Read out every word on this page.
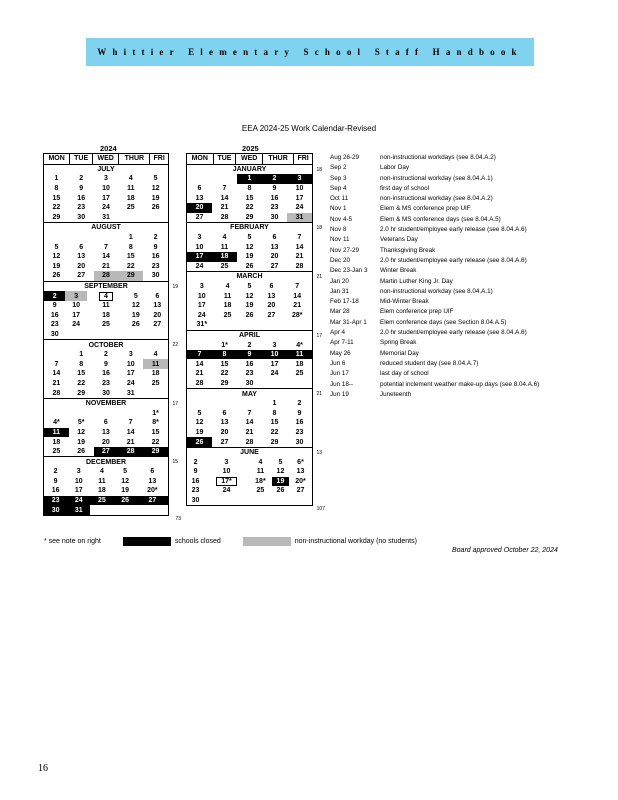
Whittier Elementary School Staff Handbook
EEA 2024-25 Work Calendar-Revised
2024	2025
MON	TUE	WED	THUR	FRI
JULY				
1	2	3	4	5
8	9	10	11	12
15	16	17	18	19
22	23	24	25	26
29	30	31		
AUGUST				
			1	2
5	6	7	8	9
12	13	14	15	16
19	20	21	22	23
26	27	28	29	30
SEPTEMBER				
2	3	4	5	6
9	10	11	12	13
16	17	18	19	20
23	24	25	26	27
30				
19
OCTOBER				
	1	2	3	4
7	8	9	10	11
14	15	16	17	18
21	22	23	24	25
28	29	30	31	
22
NOVEMBER				
				1*
4*	5*	6	7	8*
11	12	13	14	15
18	19	20	21	22
25	26	27	28	29
17
DECEMBER				
2	3	4	5	6
9	10	11	12	13
16	17	18	19	20*
23	24	25	26	27
30	31			
15
73
MON	TUE	WED	THUR	FRI
JANUARY				
		1	2	3
6	7	8	9	10
13	14	15	16	17
20	21	22	23	24
27	28	29	30	31
18
FEBRUARY				
3	4	5	6	7
10	11	12	13	14
17	18	19	20	21
24	25	26	27	28
18
MARCH				
3	4	5	6	7
10	11	12	13	14
17	18	19	20	21
24	25	26	27	28*
31*				
21
APRIL				
	1*	2	3	4*
7	8	9	10	11
14	15	16	17	18
21	22	23	24	25
28	29	30		
17
MAY				
			1	2
5	6	7	8	9
12	13	14	15	16
19	20	21	22	23
26	27	28	29	30
21
JUNE				
2	3	4	5	6*
9	10	11	12	13
16	17*	18*	19	20*
23	24	25	26	27
30				
13
107
Aug 26-29	non-instructional workdays (see 8.04.A.2)
Sep 2	Labor Day
Sep 3	non-instructional workday (see 8.04.A.1)
Sep 4	first day of school
Oct 11	non-instructional workday (see 8.04.A.2)
Nov 1	Elem & MS conference prep UIF
Nov 4-5	Elem & MS conference days (see 8.04.A.5)
Nov 8	2.0 hr student/employee early release (see 8.04.A.6)
Nov 11	Veterans Day
Nov 27-29	Thanksgiving Break
Dec 20	2.0 hr student/employee early release (see 8.04.A.6)
Dec 23-Jan 3	Winter Break
Jan 20	Martin Luther King Jr. Day
Jan 31	non-instructional workday (see 8.04.A.1)
Feb 17-18	Mid-Winter Break
Mar 28	Elem conference prep UIF
Mar 31-Apr 1	Elem conference days (see Section 8.04.A.5)
Apr 4	2.0 hr student/employee early release (see 8.04.A.6)
Apr 7-11	Spring Break
May 26	Memorial Day
Jun 6	reduced student day (see 8.04.A.7)
Jun 17	last day of school
Jun 18--	potential inclement weather make-up days (see 8.04.A.6)
Jun 19	Juneteenth
* see note on right	schools closed	non-instructional workday (no students)
Board approved October 22, 2024
16
